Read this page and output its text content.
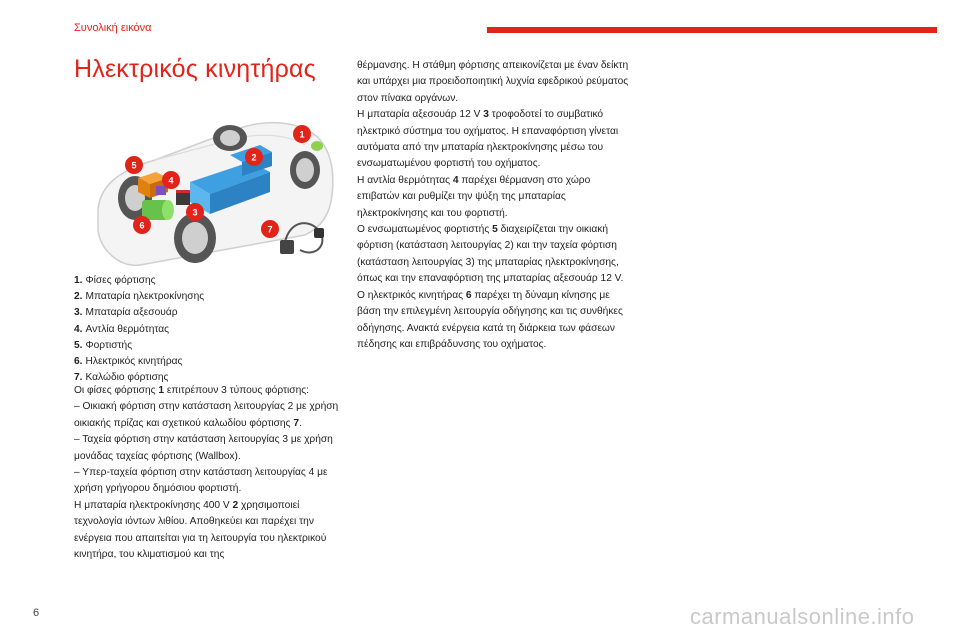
Συνολική εικόνα
Ηλεκτρικός κινητήρας
1
2
3
4
5
6	7
1. Φίσες φόρτισης
2. Μπαταρία ηλεκτροκίνησης
3. Μπαταρία αξεσουάρ
4. Αντλία θερμότητας
5. Φορτιστής
6. Ηλεκτρικός κινητήρας
7. Καλώδιο φόρτισης

Οι φίσες φόρτισης 1 επιτρέπουν 3 τύπους φόρτισης:

– Οικιακή φόρτιση στην κατάσταση λειτουργίας 2 με χρήση οικιακής πρίζας και σχετικού καλωδίου φόρτισης 7.

– Ταχεία φόρτιση στην κατάσταση λειτουργίας 3 με χρήση μονάδας ταχείας φόρτισης (Wallbox).

– Υπερ-ταχεία φόρτιση στην κατάσταση λειτουργίας 4 με χρήση γρήγορου δημόσιου φορτιστή.

Η μπαταρία ηλεκτροκίνησης 400 V 2 χρησιμοποιεί τεχνολογία ιόντων λιθίου. Αποθηκεύει και παρέχει την ενέργεια που απαιτείται για τη λειτουργία του ηλεκτρικού κινητήρα, του κλιματισμού και της

θέρμανσης. Η στάθμη φόρτισης απεικονίζεται με έναν δείκτη και υπάρχει μια προειδοποιητική λυχνία εφεδρικού ρεύματος στον πίνακα οργάνων.

Η μπαταρία αξεσουάρ 12 V 3 τροφοδοτεί το συμβατικό ηλεκτρικό σύστημα του οχήματος. Η επαναφόρτιση γίνεται αυτόματα από την μπαταρία ηλεκτροκίνησης μέσω του ενσωματωμένου φορτιστή του οχήματος.

Η αντλία θερμότητας 4 παρέχει θέρμανση στο χώρο επιβατών και ρυθμίζει την ψύξη της μπαταρίας ηλεκτροκίνησης και του φορτιστή.

Ο ενσωματωμένος φορτιστής 5 διαχειρίζεται την οικιακή φόρτιση (κατάσταση λειτουργίας 2) και την ταχεία φόρτιση (κατάσταση λειτουργίας 3) της μπαταρίας ηλεκτροκίνησης, όπως και την επαναφόρτιση της μπαταρίας αξεσουάρ 12 V.

Ο ηλεκτρικός κινητήρας 6 παρέχει τη δύναμη κίνησης με βάση την επιλεγμένη λειτουργία οδήγησης και τις συνθήκες οδήγησης. Ανακτά ενέργεια κατά τη διάρκεια των φάσεων πέδησης και επιβράδυνσης του οχήματος.

6	carmanualsonline.info
